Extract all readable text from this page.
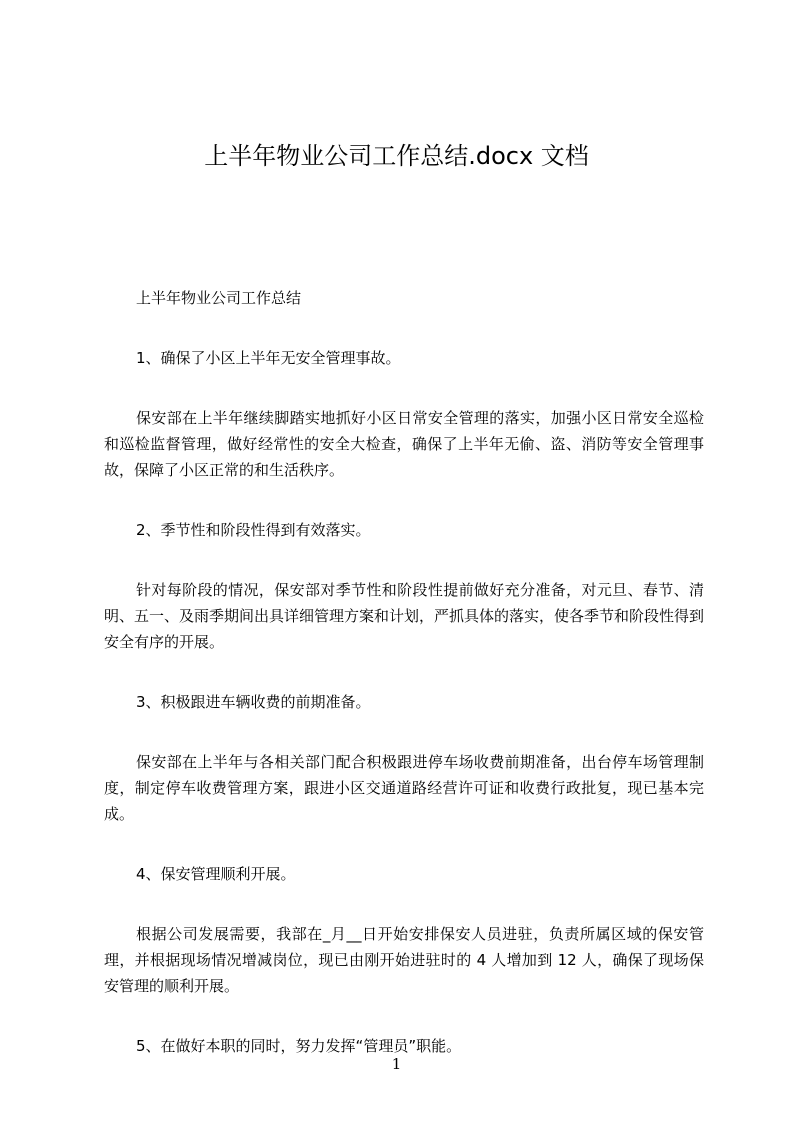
上半年物业公司工作总结.docx 文档

上半年物业公司工作总结

1、确保了小区上半年无安全管理事故。

保安部在上半年继续脚踏实地抓好小区日常安全管理的落实，加强小区日常安全巡检和巡检监督管理，做好经常性的安全大检查，确保了上半年无偷、盗、消防等安全管理事故，保障了小区正常的和生活秩序。

2、季节性和阶段性得到有效落实。

针对每阶段的情况，保安部对季节性和阶段性提前做好充分准备，对元旦、春节、清明、五一、及雨季期间出具详细管理方案和计划，严抓具体的落实，使各季节和阶段性得到安全有序的开展。

3、积极跟进车辆收费的前期准备。

保安部在上半年与各相关部门配合积极跟进停车场收费前期准备，出台停车场管理制度，制定停车收费管理方案，跟进小区交通道路经营许可证和收费行政批复，现已基本完成。

4、保安管理顺利开展。

根据公司发展需要，我部在_月__日开始安排保安人员进驻，负责所属区域的保安管理，并根据现场情况增减岗位，现已由刚开始进驻时的 4 人增加到 12 人，确保了现场保安管理的顺利开展。

5、在做好本职的同时，努力发挥“管理员”职能。

1
